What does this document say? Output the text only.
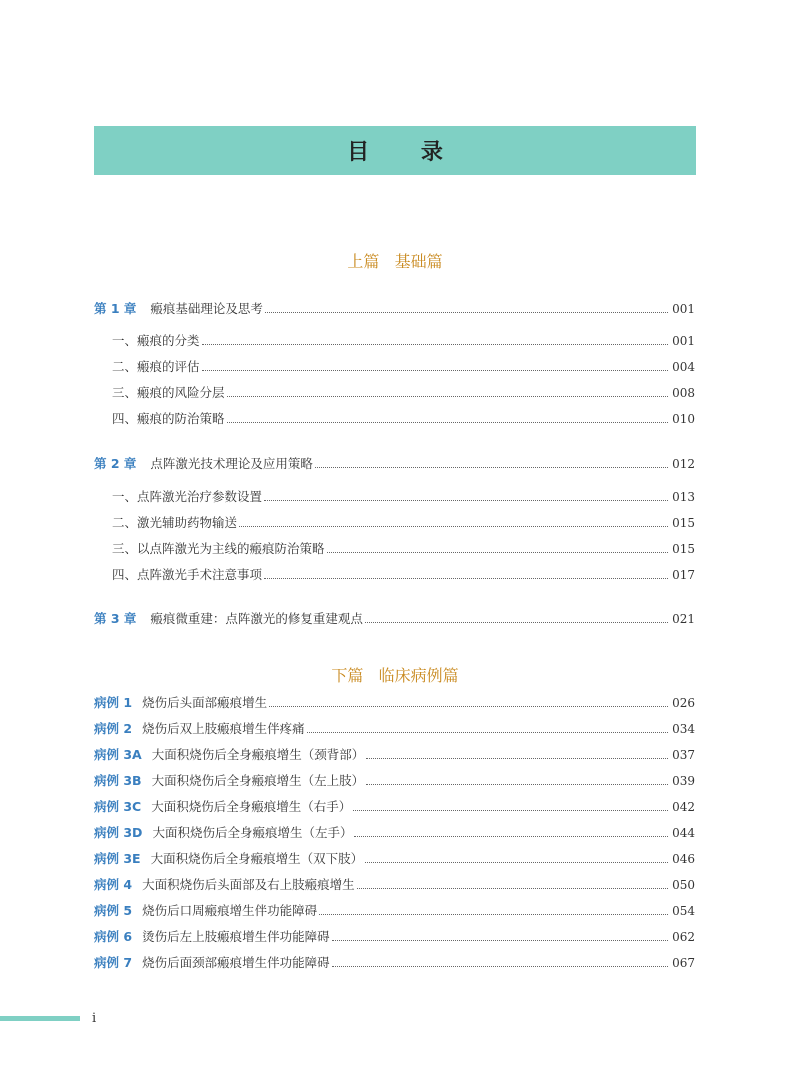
目 录
上篇   基础篇
第 1 章 瘢痕基础理论及思考	001
一、瘢痕的分类	001
二、瘢痕的评估	004
三、瘢痕的风险分层	008
四、瘢痕的防治策略	010
第 2 章 点阵激光技术理论及应用策略	012
一、点阵激光治疗参数设置	013
二、激光辅助药物输送	015
三、以点阵激光为主线的瘢痕防治策略	015
四、点阵激光手术注意事项	017
第 3 章 瘢痕微重建：点阵激光的修复重建观点	021
下篇   临床病例篇
病例 1 烧伤后头面部瘢痕增生	026
病例 2 烧伤后双上肢瘢痕增生伴疼痛	034
病例 3A 大面积烧伤后全身瘢痕增生（颈背部）	037
病例 3B 大面积烧伤后全身瘢痕增生（左上肢）	039
病例 3C 大面积烧伤后全身瘢痕增生（右手）	042
病例 3D 大面积烧伤后全身瘢痕增生（左手）	044
病例 3E 大面积烧伤后全身瘢痕增生（双下肢）	046
病例 4 大面积烧伤后头面部及右上肢瘢痕增生	050
病例 5 烧伤后口周瘢痕增生伴功能障碍	054
病例 6 烫伤后左上肢瘢痕增生伴功能障碍	062
病例 7 烧伤后面颈部瘢痕增生伴功能障碍	067
i
